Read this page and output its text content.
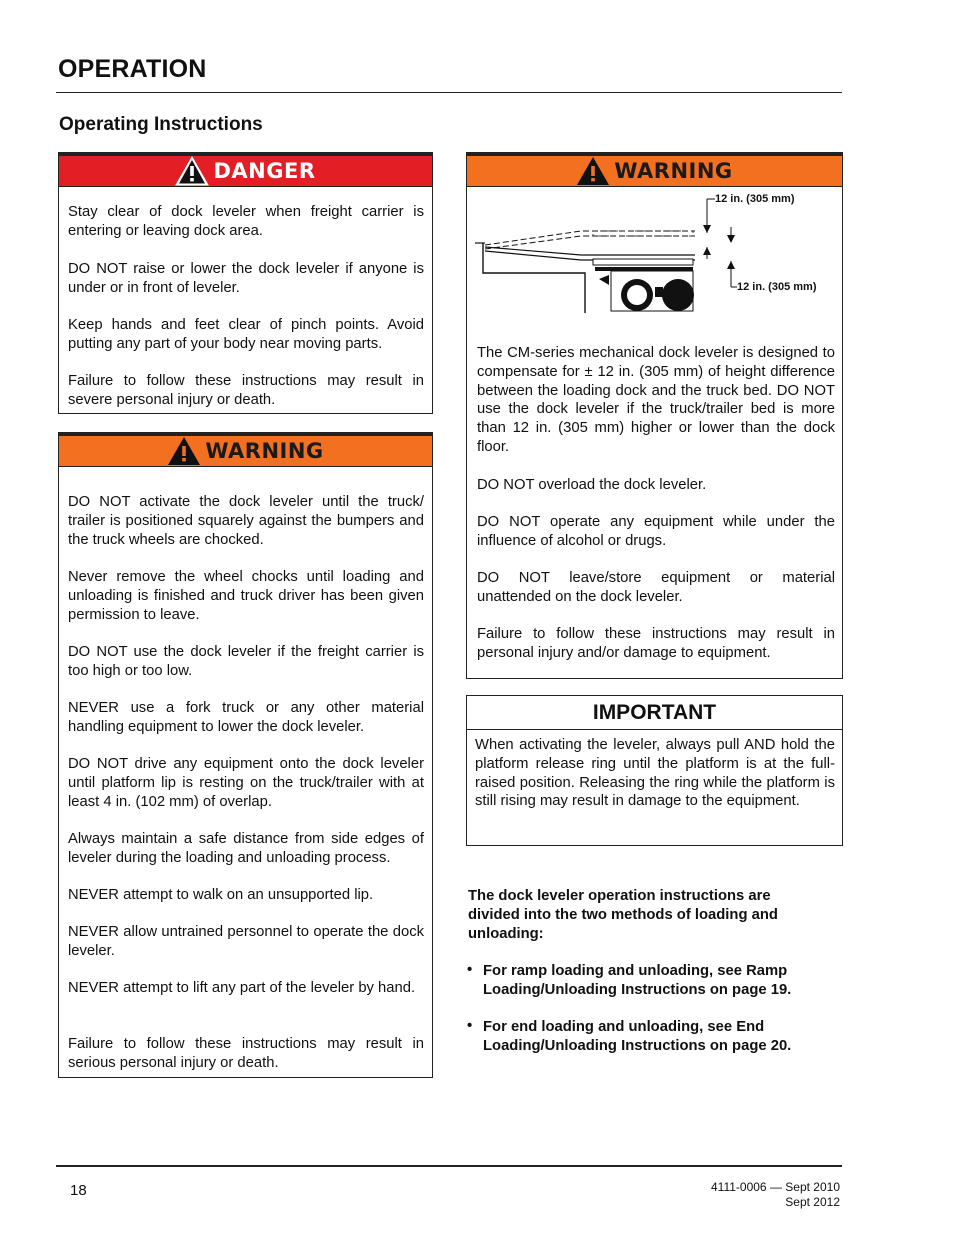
OPERATION
Operating Instructions
DANGER
Stay clear of dock leveler when freight carrier is entering or leaving dock area.
DO NOT raise or lower the dock leveler if anyone is under or in front of leveler.
Keep hands and feet clear of pinch points. Avoid putting any part of your body near moving parts.
Failure to follow these instructions may result in severe personal injury or death.
WARNING
DO NOT activate the dock leveler until the truck/ trailer is positioned squarely against the bumpers and the truck wheels are chocked.
Never remove the wheel chocks until loading and unloading is finished and truck driver has been given permission to leave.
DO NOT use the dock leveler if the freight carrier is too high or too low.
NEVER use a fork truck or any other material handling equipment to lower the dock leveler.
DO NOT drive any equipment onto the dock leveler until platform lip is resting on the truck/trailer with at least 4 in. (102 mm) of overlap.
Always maintain a safe distance from side edges of leveler during the loading and unloading process.
NEVER attempt to walk on an unsupported lip.
NEVER allow untrained personnel to operate the dock leveler.
NEVER attempt to lift any part of the leveler by hand.
Failure to follow these instructions may result in serious personal injury or death.
WARNING
12 in. (305 mm)
12 in. (305 mm)
The CM-series mechanical dock leveler is designed to compensate for ± 12 in. (305 mm) of height difference between the loading dock and the truck bed. DO NOT use the dock leveler if the truck/trailer bed is more than 12 in. (305 mm) higher or lower than the dock floor.
DO NOT overload the dock leveler.
DO NOT operate any equipment while under the influence of alcohol or drugs.
DO NOT leave/store equipment or material unattended on the dock leveler.
Failure to follow these instructions may result in personal injury and/or damage to equipment.
IMPORTANT
When activating the leveler, always pull AND hold the platform release ring until the platform is at the full-raised position. Releasing the ring while the platform is still rising may result in damage to the equipment.
The dock leveler operation instructions are divided into the two methods of loading and unloading:
• For ramp loading and unloading, see Ramp Loading/Unloading Instructions on page 19.
• For end loading and unloading, see End Loading/Unloading Instructions on page 20.
18	4111-0006 — Sept 2010
Sept 2012
